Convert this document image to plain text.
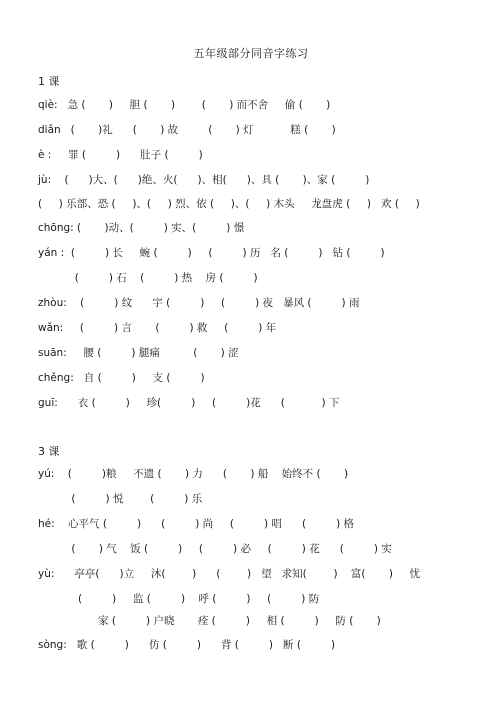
五年级部分同音字练习
1 课
qiè:   急 (       )     胆 (       )        (       ) 而不舍     偷 (       )
diǎn   (       )礼      (       ) 故         (       ) 灯           糕 (       )
è :     罪 (         )      肚子 (         )
jù:    (      )大、(      )绝、火(      )、相(      )、具 (       )、家 (         )
(     ) 乐部、恐 (     )、(     ) 烈、依 (     )、(     ) 木头     龙盘虎 (     )   欢 (     )
chōng: (       )动、(         ) 实、(         ) 憬
yán :  (         ) 长     蜿 (         )     (         ) 历   名 (         )   钻 (         )
(         ) 石    (         ) 热    房 (         )
zhòu:    (         ) 纹      宇 (         )     (         ) 夜   暴风 (         ) 雨
wǎn:     (         ) 言       (         ) 救     (         ) 年
suān:     腰 (         ) 腿痛          (       ) 涩
chěng:   自 (         )     支 (         )
guī:      衣 (         )     珍(         )     (         )花      (           ) 下
3 课
yú:    (         )粮     不遗 (       ) 力      (       ) 船    始终不 (       )
(         ) 悦        (         ) 乐
hé:    心平气 (         )      (         ) 尚     (         ) 唱      (         ) 格
(       ) 气    饭 (         )     (         ) 必     (         ) 花      (         ) 实
yù:      亭亭(      )立     沐(        )      (        )   望   求知(        )    富(       )     忧
(         )     监 (         )    呼 (         )     (         ) 防
家 (         ) 户晓       痊 (         )     相 (         )     防 (       )
sòng:   歌 (         )      仿 (         )      背 (         )   断 (         )
